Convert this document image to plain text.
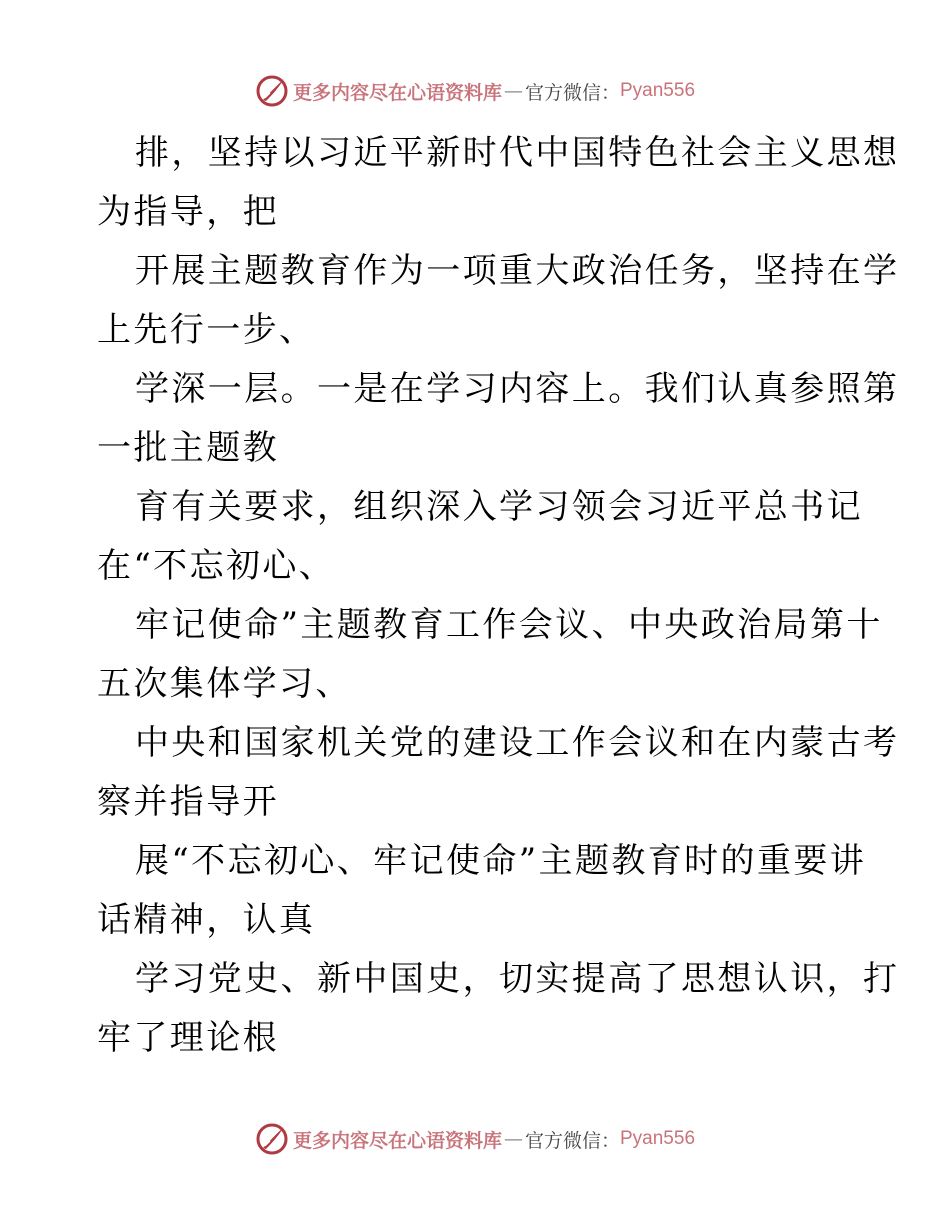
更多内容尽在心语资料库 — 官方微信： Pyan556
排，坚持以习近平新时代中国特色社会主义思想
为指导，把
开展主题教育作为一项重大政治任务，坚持在学
上先行一步、
学深一层。一是在学习内容上。我们认真参照第
一批主题教
育有关要求，组织深入学习领会习近平总书记
在“不忘初心、
牢记使命”主题教育工作会议、中央政治局第十
五次集体学习、
中央和国家机关党的建设工作会议和在内蒙古考
察并指导开
展“不忘初心、牢记使命”主题教育时的重要讲
话精神，认真
学习党史、新中国史，切实提高了思想认识，打
牢了理论根
更多内容尽在心语资料库 — 官方微信： Pyan556
